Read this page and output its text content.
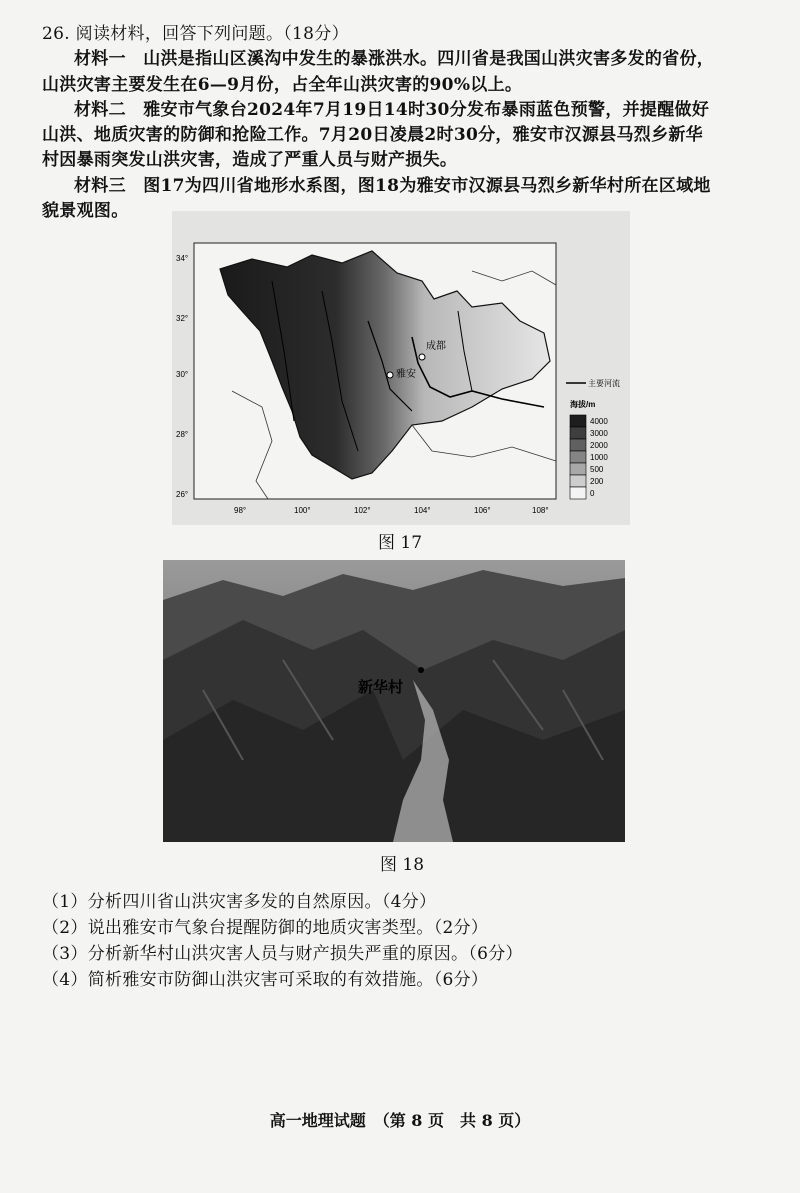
26. 阅读材料，回答下列问题。（18分）
材料一　山洪是指山区溪沟中发生的暴涨洪水。四川省是我国山洪灾害多发的省份，
山洪灾害主要发生在6—9月份，占全年山洪灾害的90%以上。
材料二　雅安市气象台2024年7月19日14时30分发布暴雨蓝色预警，并提醒做好
山洪、地质灾害的防御和抢险工作。7月20日凌晨2时30分，雅安市汉源县马烈乡新华
村因暴雨突发山洪灾害，造成了严重人员与财产损失。
材料三　图17为四川省地形水系图，图18为雅安市汉源县马烈乡新华村所在区域地
貌景观图。
成都
雅安
34°
32°
30°
28°
26°
98°	100°	102°	104°	106°	108°
主要河流
海拔/m
4000
3000
2000
1000
500
200
0
图 17
新华村
图 18
（1）分析四川省山洪灾害多发的自然原因。（4分）
（2）说出雅安市气象台提醒防御的地质灾害类型。（2分）
（3）分析新华村山洪灾害人员与财产损失严重的原因。（6分）
（4）简析雅安市防御山洪灾害可采取的有效措施。（6分）
高一地理试题　（第 8 页　共 8 页）
